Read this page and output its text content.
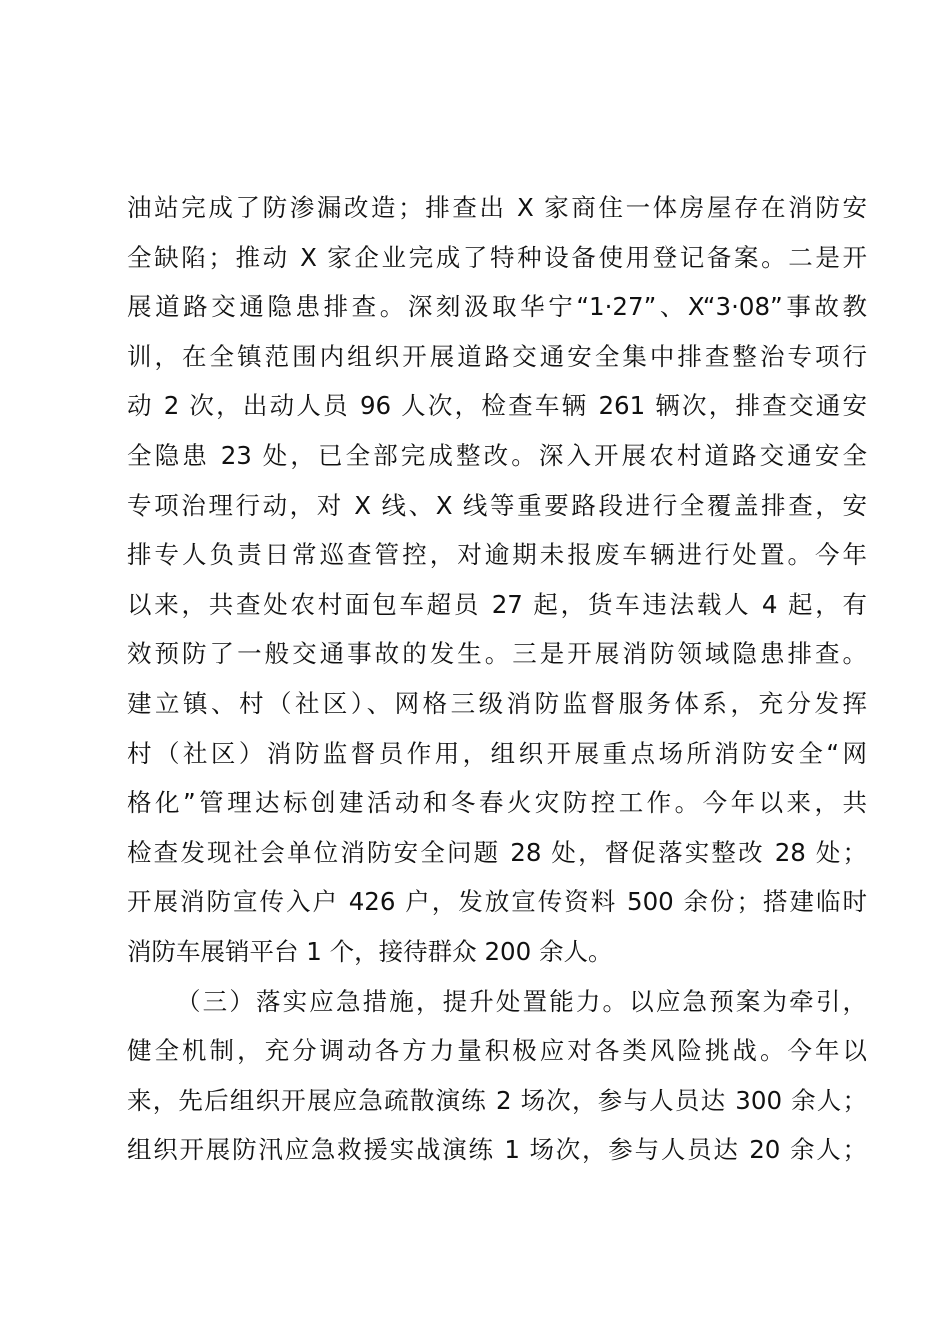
油站完成了防渗漏改造；排查出 X 家商住一体房屋存在消防安
全缺陷；推动 X 家企业完成了特种设备使用登记备案。二是开
展道路交通隐患排查。深刻汲取华宁“1·27”、X“3·08”事故教
训，在全镇范围内组织开展道路交通安全集中排查整治专项行
动 2 次，出动人员 96 人次，检查车辆 261 辆次，排查交通安
全隐患 23 处，已全部完成整改。深入开展农村道路交通安全
专项治理行动，对 X 线、X 线等重要路段进行全覆盖排查，安
排专人负责日常巡查管控，对逾期未报废车辆进行处置。今年
以来，共查处农村面包车超员 27 起，货车违法载人 4 起，有
效预防了一般交通事故的发生。三是开展消防领域隐患排查。
建立镇、村（社区）、网格三级消防监督服务体系，充分发挥
村（社区）消防监督员作用，组织开展重点场所消防安全“网
格化”管理达标创建活动和冬春火灾防控工作。今年以来，共
检查发现社会单位消防安全问题 28 处，督促落实整改 28 处；
开展消防宣传入户 426 户，发放宣传资料 500 余份；搭建临时
消防车展销平台 1 个，接待群众 200 余人。
（三）落实应急措施，提升处置能力。以应急预案为牵引，
健全机制，充分调动各方力量积极应对各类风险挑战。今年以
来，先后组织开展应急疏散演练 2 场次，参与人员达 300 余人；
组织开展防汛应急救援实战演练 1 场次，参与人员达 20 余人；
